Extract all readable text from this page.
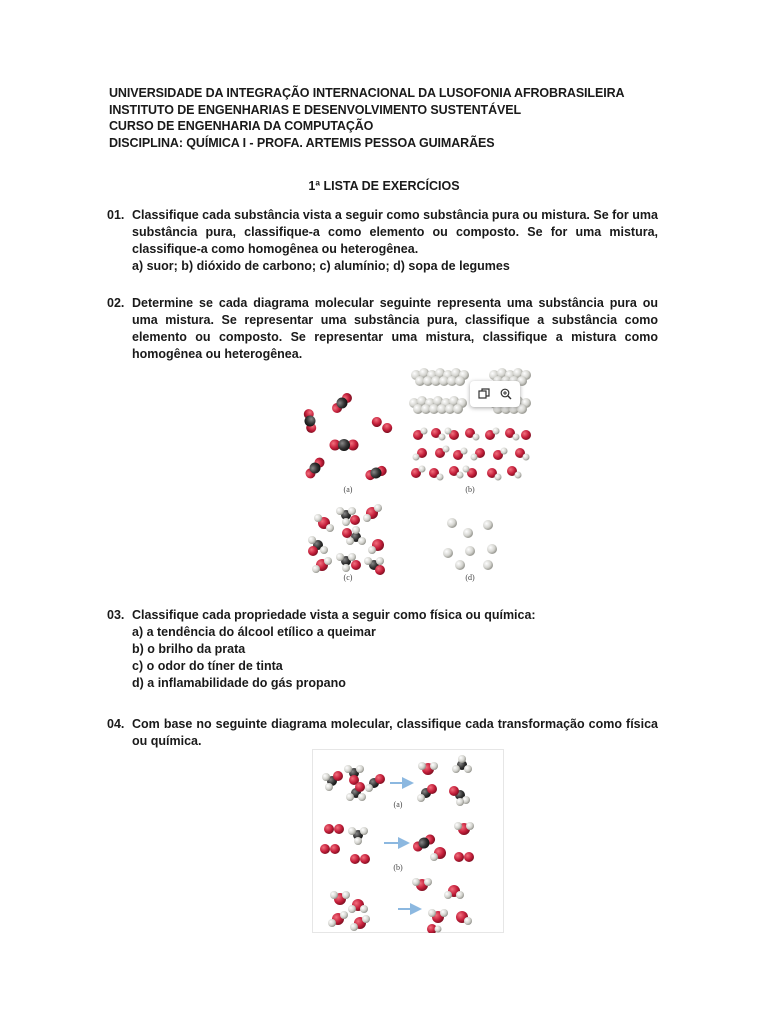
UNIVERSIDADE DA INTEGRAÇÃO INTERNACIONAL DA LUSOFONIA AFROBRASILEIRA
INSTITUTO DE ENGENHARIAS E DESENVOLVIMENTO SUSTENTÁVEL
CURSO DE ENGENHARIA DA COMPUTAÇÃO
DISCIPLINA: QUÍMICA I - PROFA. ARTEMIS PESSOA GUIMARÃES
1ª LISTA DE EXERCÍCIOS
01. Classifique cada substância vista a seguir como substância pura ou mistura. Se for uma substância pura, classifique-a como elemento ou composto. Se for uma mistura, classifique-a como homogênea ou heterogênea.

a) suor; b) dióxido de carbono; c) alumínio; d) sopa de legumes
02. Determine se cada diagrama molecular seguinte representa uma substância pura ou uma mistura. Se representar uma substância pura, classifique a substância como elemento ou composto. Se representar uma mistura, classifique a mistura como homogênea ou heterogênea.

(a)	(b)
(c)	(d)
03. Classifique cada propriedade vista a seguir como física ou química:

a) a tendência do álcool etílico a queimar
b) o brilho da prata
c) o odor do tíner de tinta
d) a inflamabilidade do gás propano
04. Com base no seguinte diagrama molecular, classifique cada transformação como física ou química.

(a)
(b)
